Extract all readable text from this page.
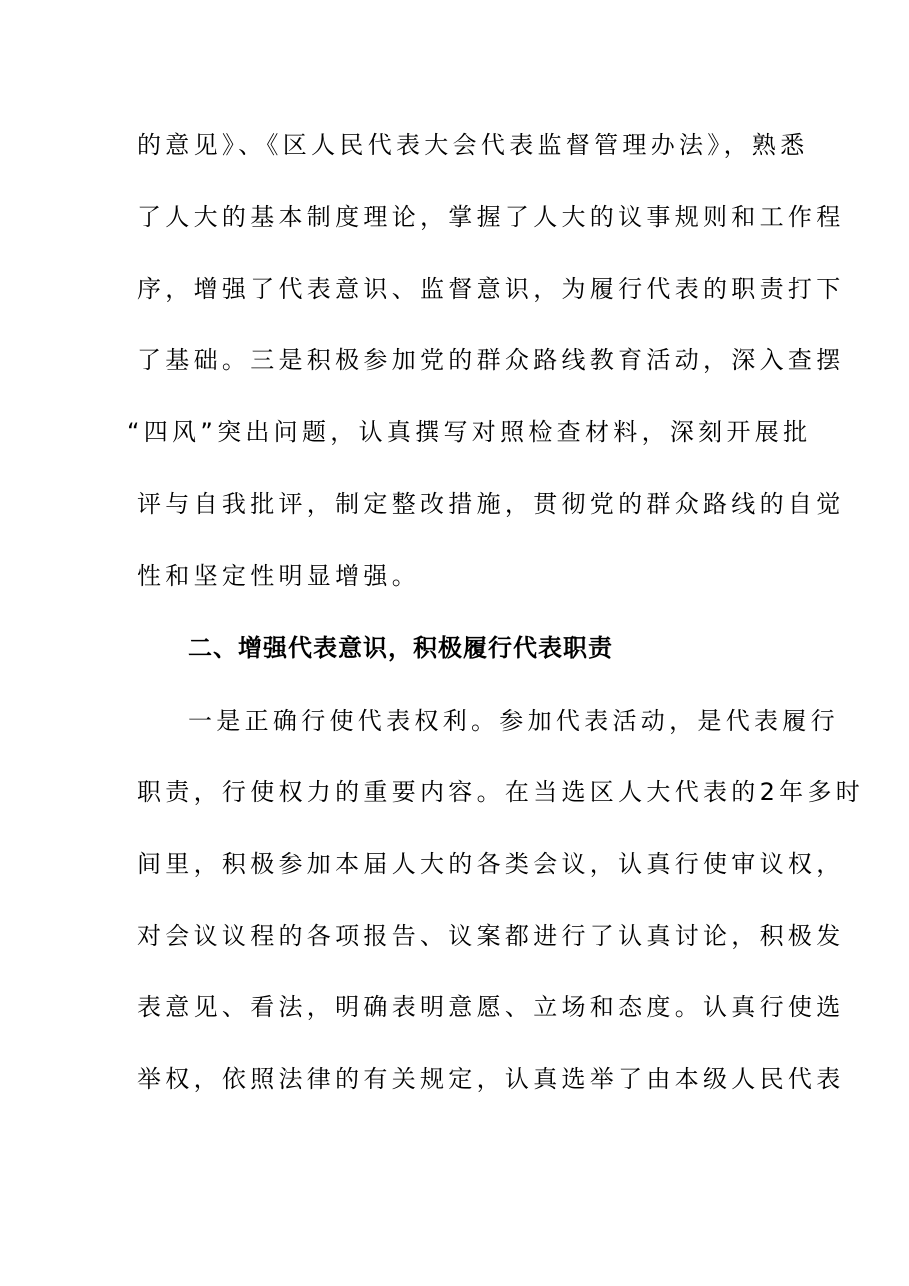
的意见》、《区人民代表大会代表监督管理办法》，熟悉
了人大的基本制度理论，掌握了人大的议事规则和工作程
序，增强了代表意识、监督意识，为履行代表的职责打下
了基础。三是积极参加党的群众路线教育活动，深入查摆
“四风”突出问题，认真撰写对照检查材料，深刻开展批
评与自我批评，制定整改措施，贯彻党的群众路线的自觉
性和坚定性明显增强。
二、增强代表意识，积极履行代表职责
一是正确行使代表权利。参加代表活动，是代表履行
职责，行使权力的重要内容。在当选区人大代表的2年多时
间里，积极参加本届人大的各类会议，认真行使审议权，
对会议议程的各项报告、议案都进行了认真讨论，积极发
表意见、看法，明确表明意愿、立场和态度。认真行使选
举权，依照法律的有关规定，认真选举了由本级人民代表
